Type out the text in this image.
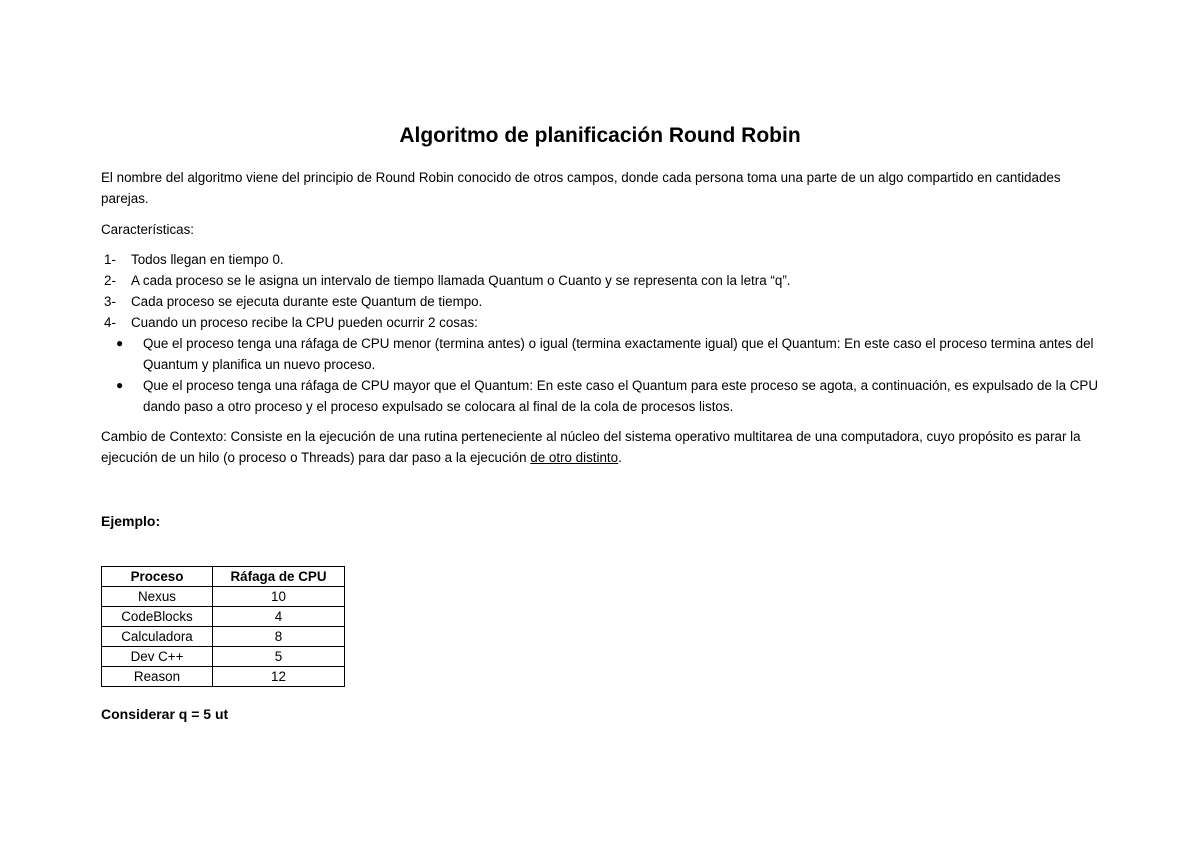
Algoritmo de planificación Round Robin

El nombre del algoritmo viene del principio de Round Robin conocido de otros campos, donde cada persona toma una parte de un algo compartido en cantidades parejas.

Características:

1- Todos llegan en tiempo 0.
2- A cada proceso se le asigna un intervalo de tiempo llamada Quantum o Cuanto y se representa con la letra “q”.
3- Cada proceso se ejecuta durante este Quantum de tiempo.
4- Cuando un proceso recibe la CPU pueden ocurrir 2 cosas:
● Que el proceso tenga una ráfaga de CPU menor (termina antes) o igual (termina exactamente igual) que el Quantum: En este caso el proceso termina antes del Quantum y planifica un nuevo proceso.
● Que el proceso tenga una ráfaga de CPU mayor que el Quantum: En este caso el Quantum para este proceso se agota, a continuación, es expulsado de la CPU dando paso a otro proceso y el proceso expulsado se colocara al final de la cola de procesos listos.

Cambio de Contexto: Consiste en la ejecución de una rutina perteneciente al núcleo del sistema operativo multitarea de una computadora, cuyo propósito es parar la ejecución de un hilo (o proceso o Threads) para dar paso a la ejecución de otro distinto.

Ejemplo:

Proceso	Ráfaga de CPU
Nexus	10
CodeBlocks	4
Calculadora	8
Dev C++	5
Reason	12

Considerar q = 5 ut
